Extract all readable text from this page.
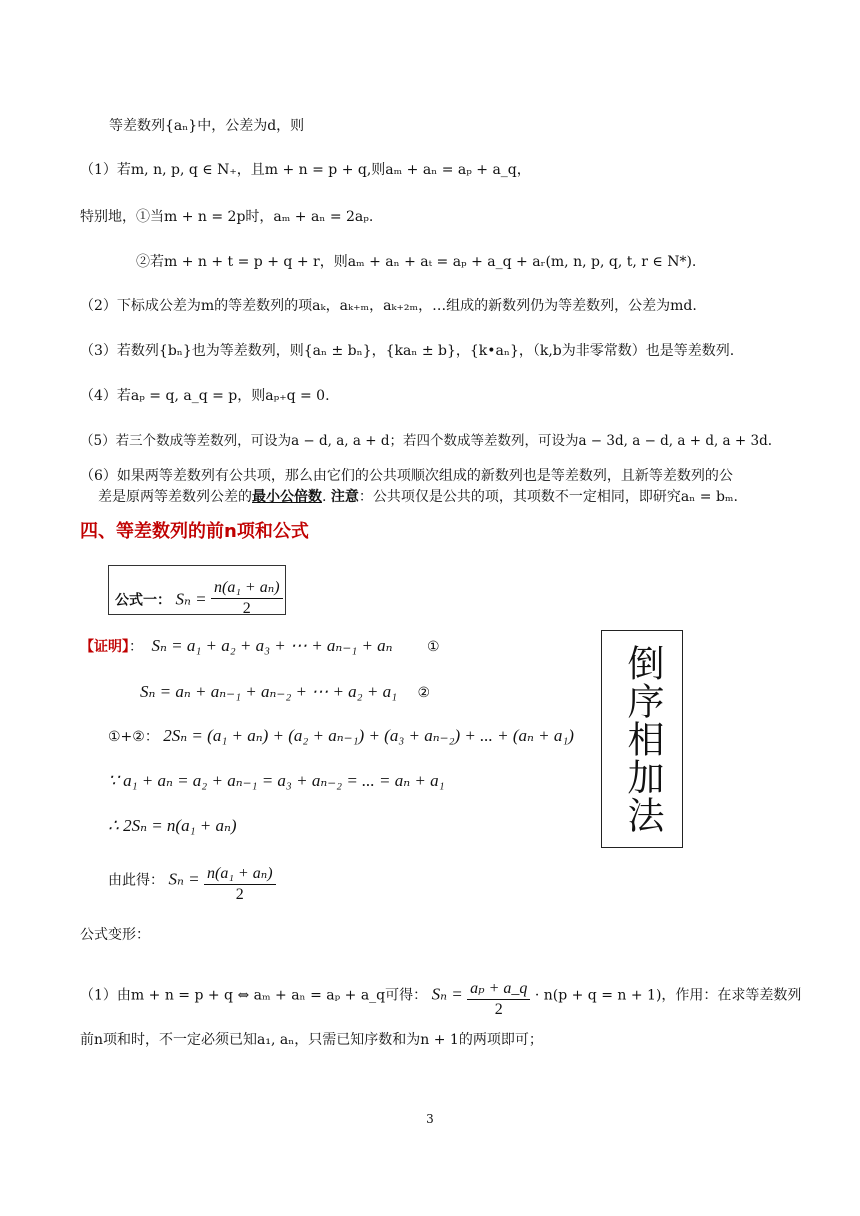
等差数列{aₙ}中，公差为d，则
（1）若m, n, p, q ∈ N₊，且m + n = p + q,则aₘ + aₙ = aₚ + a_q，
特别地，①当m + n = 2p时，aₘ + aₙ = 2aₚ.
②若m + n + t = p + q + r，则aₘ + aₙ + aₜ = aₚ + a_q + aᵣ(m, n, p, q, t, r ∈ N*).
（2）下标成公差为m的等差数列的项aₖ，aₖ₊ₘ，aₖ₊₂ₘ，…组成的新数列仍为等差数列，公差为md.
（3）若数列{bₙ}也为等差数列，则{aₙ ± bₙ}，{kaₙ ± b}，{k•aₙ}，（k,b为非零常数）也是等差数列.
（4）若aₚ = q, a_q = p，则aₚ₊q = 0.
（5）若三个数成等差数列，可设为a − d, a, a + d；若四个数成等差数列，可设为a − 3d, a − d, a + d, a + 3d.
（6）如果两等差数列有公共项，那么由它们的公共项顺次组成的新数列也是等差数列，且新等差数列的公
差是原两等差数列公差的最小公倍数. 注意：公共项仅是公共的项，其项数不一定相同，即研究aₙ = bₘ.
四、等差数列的前n项和公式
公式一： $S_n = \frac{\text{n(a₁ + aₙ)}}{2}$
【证明】： Sₙ = a₁ + a₂ + a₃ + ⋯ + aₙ₋₁ + aₙ ①
Sₙ = aₙ + aₙ₋₁ + aₙ₋₂ + ⋯ + a₂ + a₁ ②
①+②： 2Sₙ = (a₁ + aₙ) + (a₂ + aₙ₋₁) + (a₃ + aₙ₋₂) + ... + (aₙ + a₁)
∵ a₁ + aₙ = a₂ + aₙ₋₁ = a₃ + aₙ₋₂ = ... = aₙ + a₁
∴ 2Sₙ = n(a₁ + aₙ)
由此得： $S_n = \frac{\text{n(a₁ + aₙ)}}{2}$
倒序相加法
公式变形：
（1）由m + n = p + q ⇔ aₘ + aₙ = aₚ + a_q可得： $S_n = \frac{\text{aₚ + a\_q}}{2} \cdot n(p + q = n + 1)$，作用：在求等差数列
前n项和时，不一定必须已知a₁, aₙ，只需已知序数和为n + 1的两项即可；
3
